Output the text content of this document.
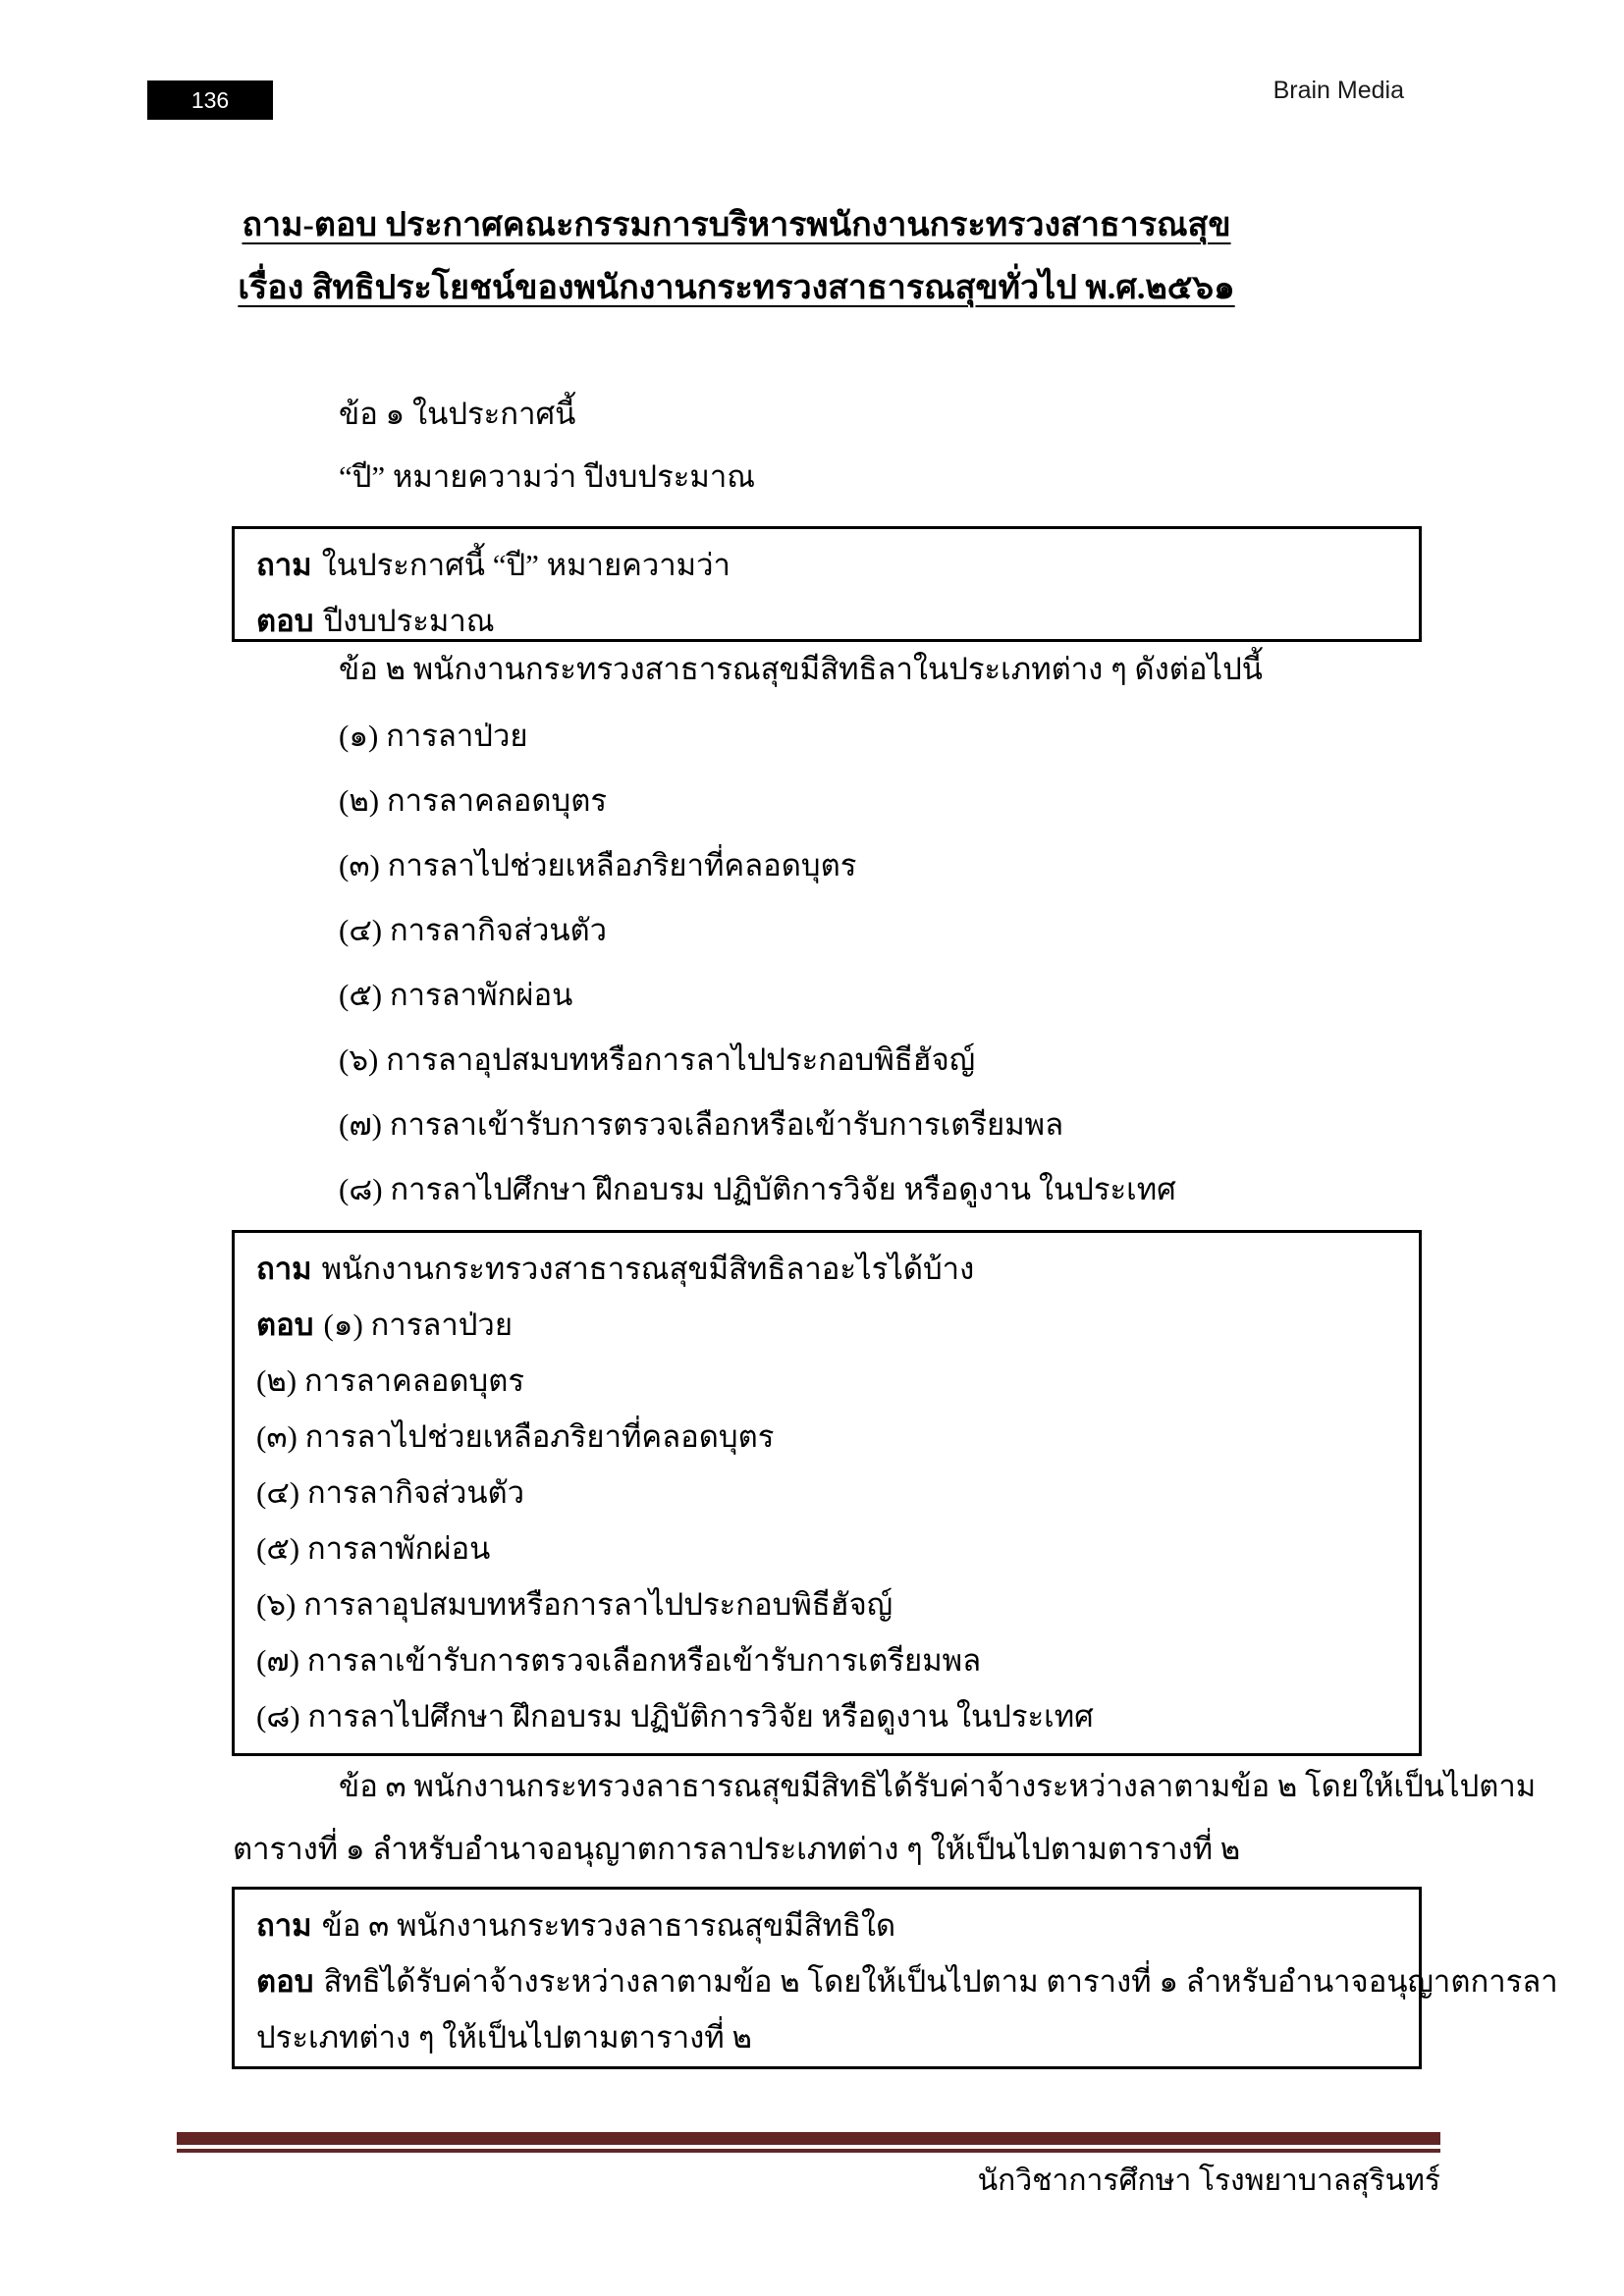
136	Brain Media
ถาม-ตอบ ประกาศคณะกรรมการบริหารพนักงานกระทรวงสาธารณสุข
เรื่อง สิทธิประโยชน์ของพนักงานกระทรวงสาธารณสุขทั่วไป พ.ศ.๒๕๖๑
ข้อ ๑ ในประกาศนี้
“ปี” หมายความว่า ปีงบประมาณ
ถาม ในประกาศนี้ “ปี” หมายความว่า
ตอบ ปีงบประมาณ
ข้อ ๒ พนักงานกระทรวงสาธารณสุขมีสิทธิลาในประเภทต่าง ๆ ดังต่อไปนี้
(๑) การลาป่วย
(๒) การลาคลอดบุตร
(๓) การลาไปช่วยเหลือภริยาที่คลอดบุตร
(๔) การลากิจส่วนตัว
(๕) การลาพักผ่อน
(๖) การลาอุปสมบทหรือการลาไปประกอบพิธีฮัจญ์
(๗) การลาเข้ารับการตรวจเลือกหรือเข้ารับการเตรียมพล
(๘) การลาไปศึกษา ฝึกอบรม ปฏิบัติการวิจัย หรือดูงาน ในประเทศ
ถาม พนักงานกระทรวงสาธารณสุขมีสิทธิลาอะไรได้บ้าง
ตอบ (๑) การลาป่วย
(๒) การลาคลอดบุตร
(๓) การลาไปช่วยเหลือภริยาที่คลอดบุตร
(๔) การลากิจส่วนตัว
(๕) การลาพักผ่อน
(๖) การลาอุปสมบทหรือการลาไปประกอบพิธีฮัจญ์
(๗) การลาเข้ารับการตรวจเลือกหรือเข้ารับการเตรียมพล
(๘) การลาไปศึกษา ฝึกอบรม ปฏิบัติการวิจัย หรือดูงาน ในประเทศ
ข้อ ๓ พนักงานกระทรวงลาธารณสุขมีสิทธิได้รับค่าจ้างระหว่างลาตามข้อ ๒ โดยให้เป็นไปตาม
ตารางที่ ๑ ลำหรับอำนาจอนุญาตการลาประเภทต่าง ๆ ให้เป็นไปตามตารางที่ ๒
ถาม ข้อ ๓ พนักงานกระทรวงลาธารณสุขมีสิทธิใด
ตอบ สิทธิได้รับค่าจ้างระหว่างลาตามข้อ ๒ โดยให้เป็นไปตาม ตารางที่ ๑ ลำหรับอำนาจอนุญาตการลา
ประเภทต่าง ๆ ให้เป็นไปตามตารางที่ ๒
นักวิชาการศึกษา โรงพยาบาลสุรินทร์
